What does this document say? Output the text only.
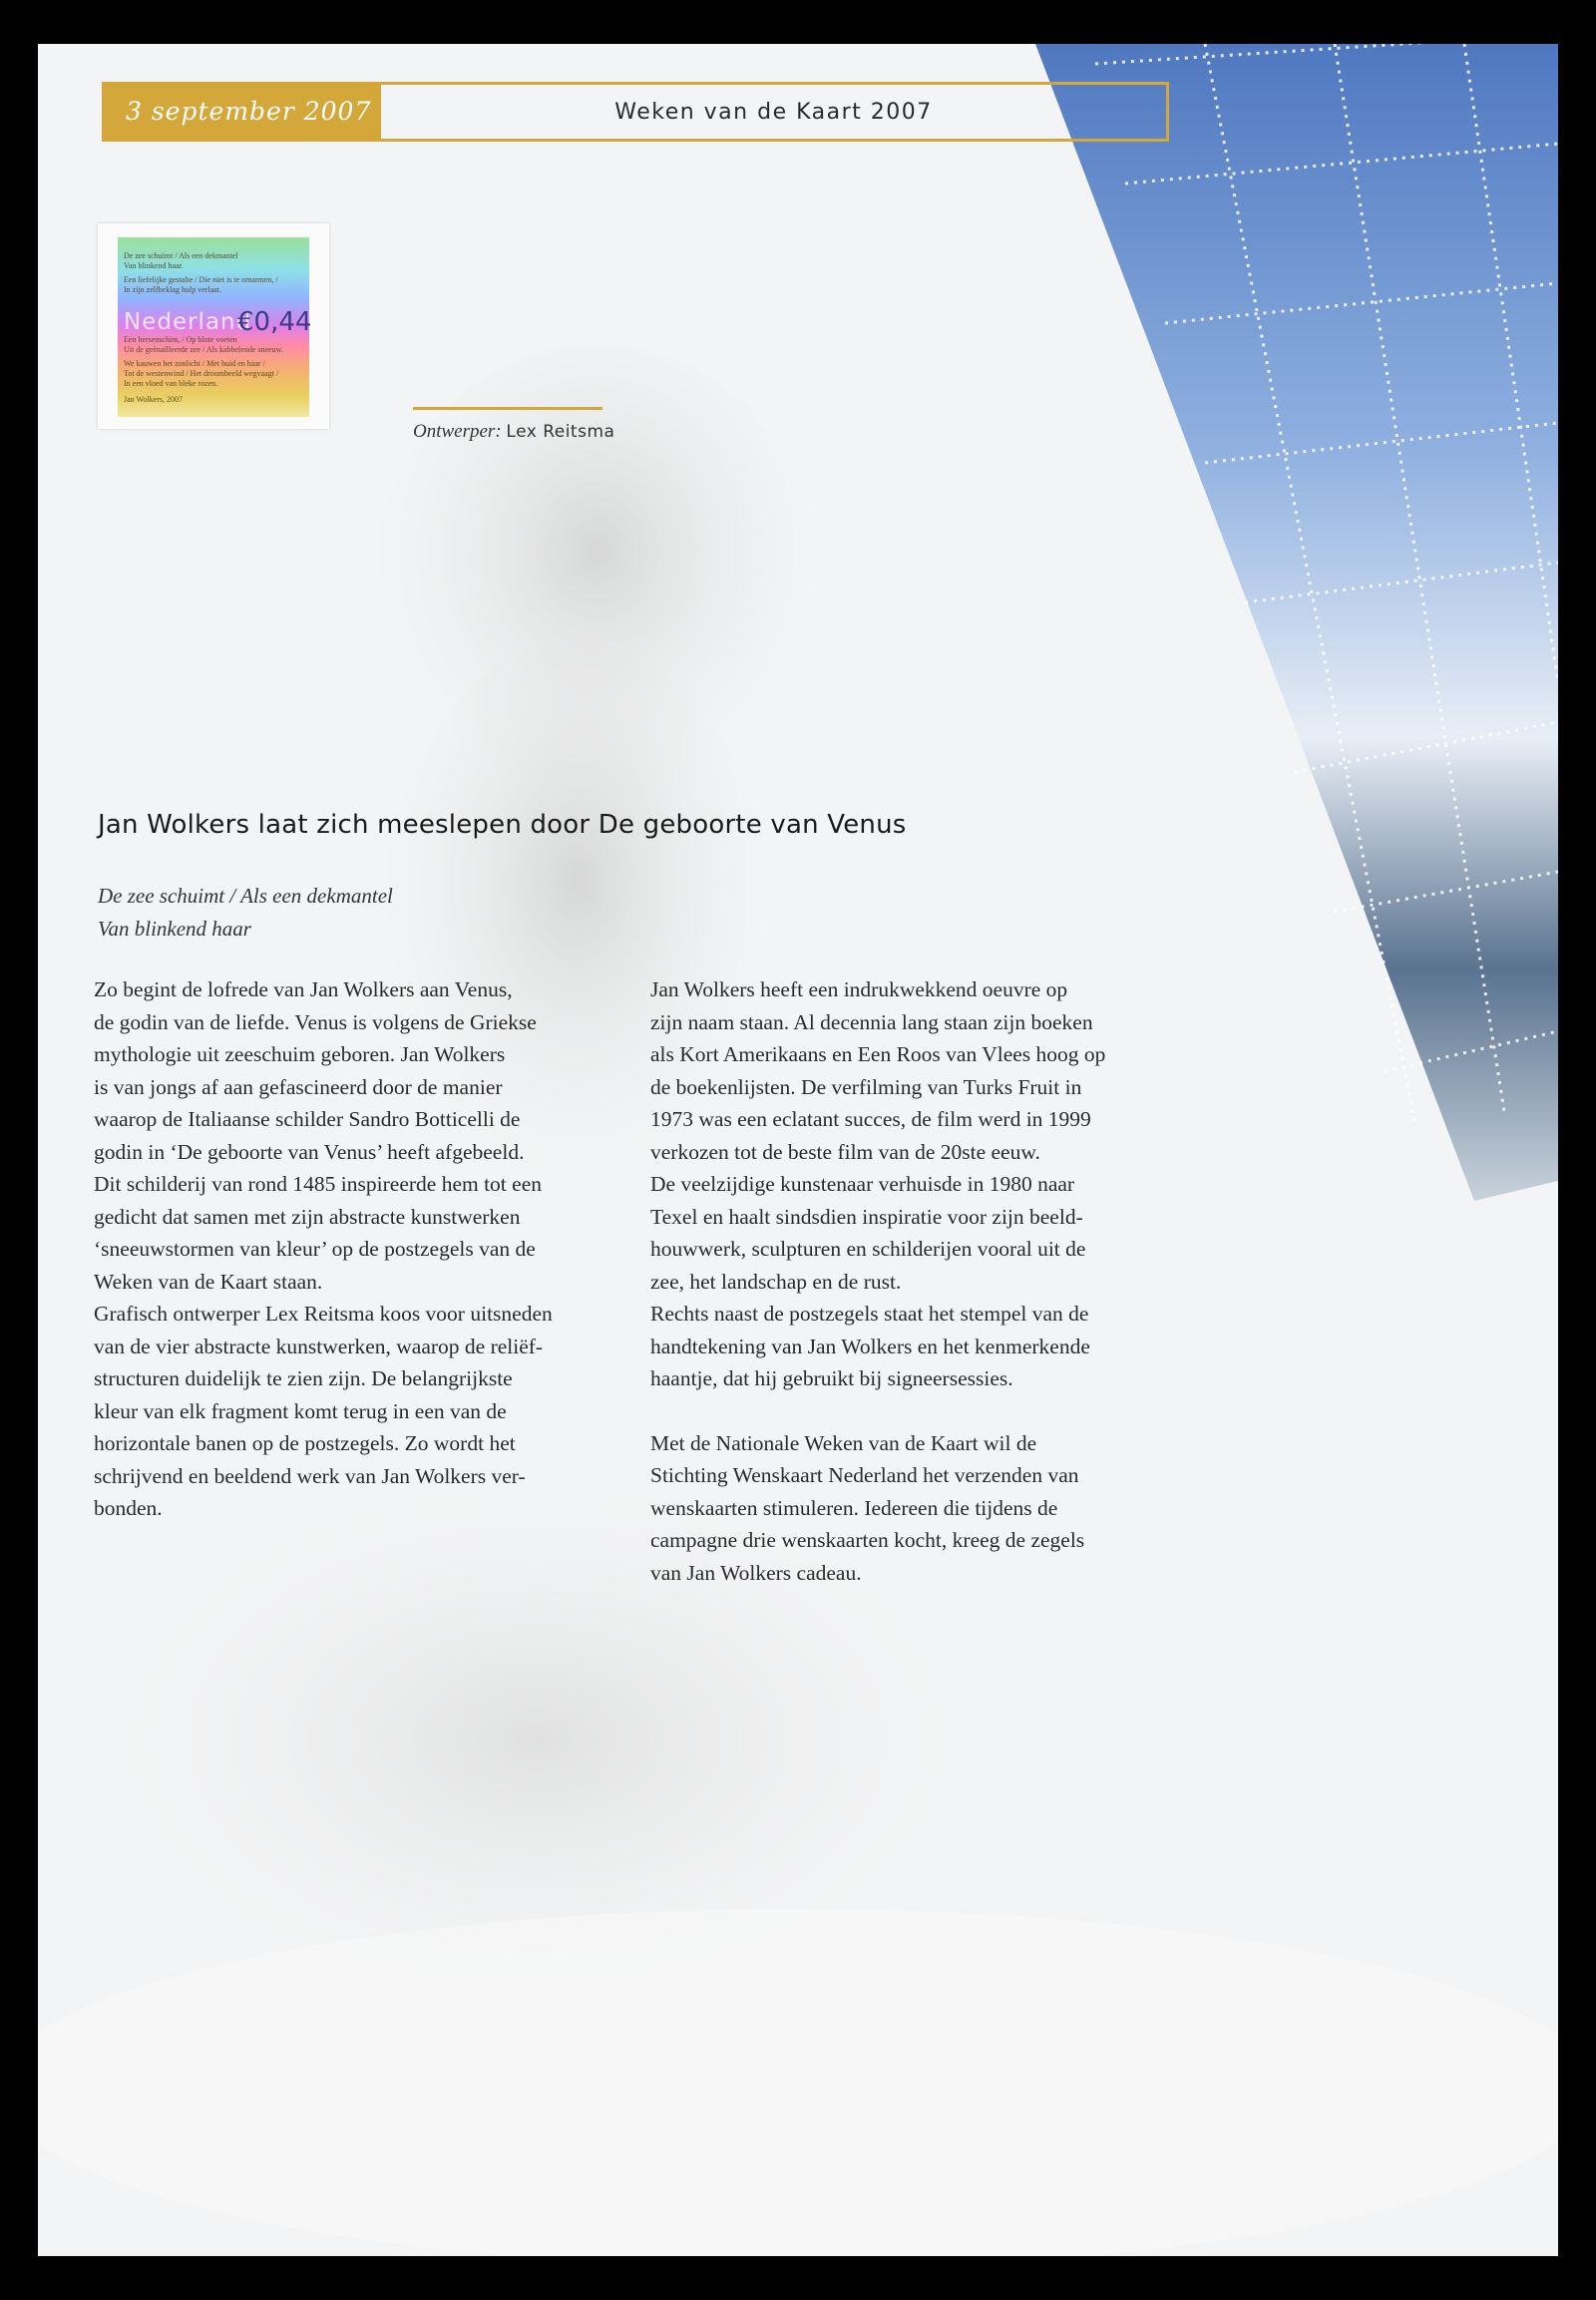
3 september 2007	Weken van de Kaart 2007
De zee schuimt / Als een dekmantel
Van blinkend haar.
Een liefelijke gestalte / Die niet is te omarmen, /
In zijn zelfbeklag hulp verlaat.
Een hersenschim, / Op blote voeten
Uit de geënailleerde zee / Als kabbelende sneeuw.
We kauwen het zonlicht / Met huid en haar /
Tot de westenwind / Het droombeeld wegvaagt /
In een vloed van bleke rozen.
Jan Wolkers, 2007
Nederland
€0,44
Ontwerper: Lex Reitsma
Jan Wolkers laat zich meeslepen door De geboorte van Venus
De zee schuimt / Als een dekmantel
Van blinkend haar

Zo begint de lofrede van Jan Wolkers aan Venus,

de godin van de liefde. Venus is volgens de Griekse

mythologie uit zeeschuim geboren. Jan Wolkers

is van jongs af aan gefascineerd door de manier

waarop de Italiaanse schilder Sandro Botticelli de

godin in ‘De geboorte van Venus’ heeft afgebeeld.

Dit schilderij van rond 1485 inspireerde hem tot een

gedicht dat samen met zijn abstracte kunstwerken

‘sneeuwstormen van kleur’ op de postzegels van de

Weken van de Kaart staan.

Grafisch ontwerper Lex Reitsma koos voor uitsneden

van de vier abstracte kunstwerken, waarop de reliëf-

structuren duidelijk te zien zijn. De belangrijkste

kleur van elk fragment komt terug in een van de

horizontale banen op de postzegels. Zo wordt het

schrijvend en beeldend werk van Jan Wolkers ver-

bonden.

Jan Wolkers heeft een indrukwekkend oeuvre op

zijn naam staan. Al decennia lang staan zijn boeken

als Kort Amerikaans en Een Roos van Vlees hoog op

de boekenlijsten. De verfilming van Turks Fruit in

1973 was een eclatant succes, de film werd in 1999

verkozen tot de beste film van de 20ste eeuw.

De veelzijdige kunstenaar verhuisde in 1980 naar

Texel en haalt sindsdien inspiratie voor zijn beeld-

houwwerk, sculpturen en schilderijen vooral uit de

zee, het landschap en de rust.

Rechts naast de postzegels staat het stempel van de

handtekening van Jan Wolkers en het kenmerkende

haantje, dat hij gebruikt bij signeersessies.

Met de Nationale Weken van de Kaart wil de

Stichting Wenskaart Nederland het verzenden van

wenskaarten stimuleren. Iedereen die tijdens de

campagne drie wenskaarten kocht, kreeg de zegels

van Jan Wolkers cadeau.
